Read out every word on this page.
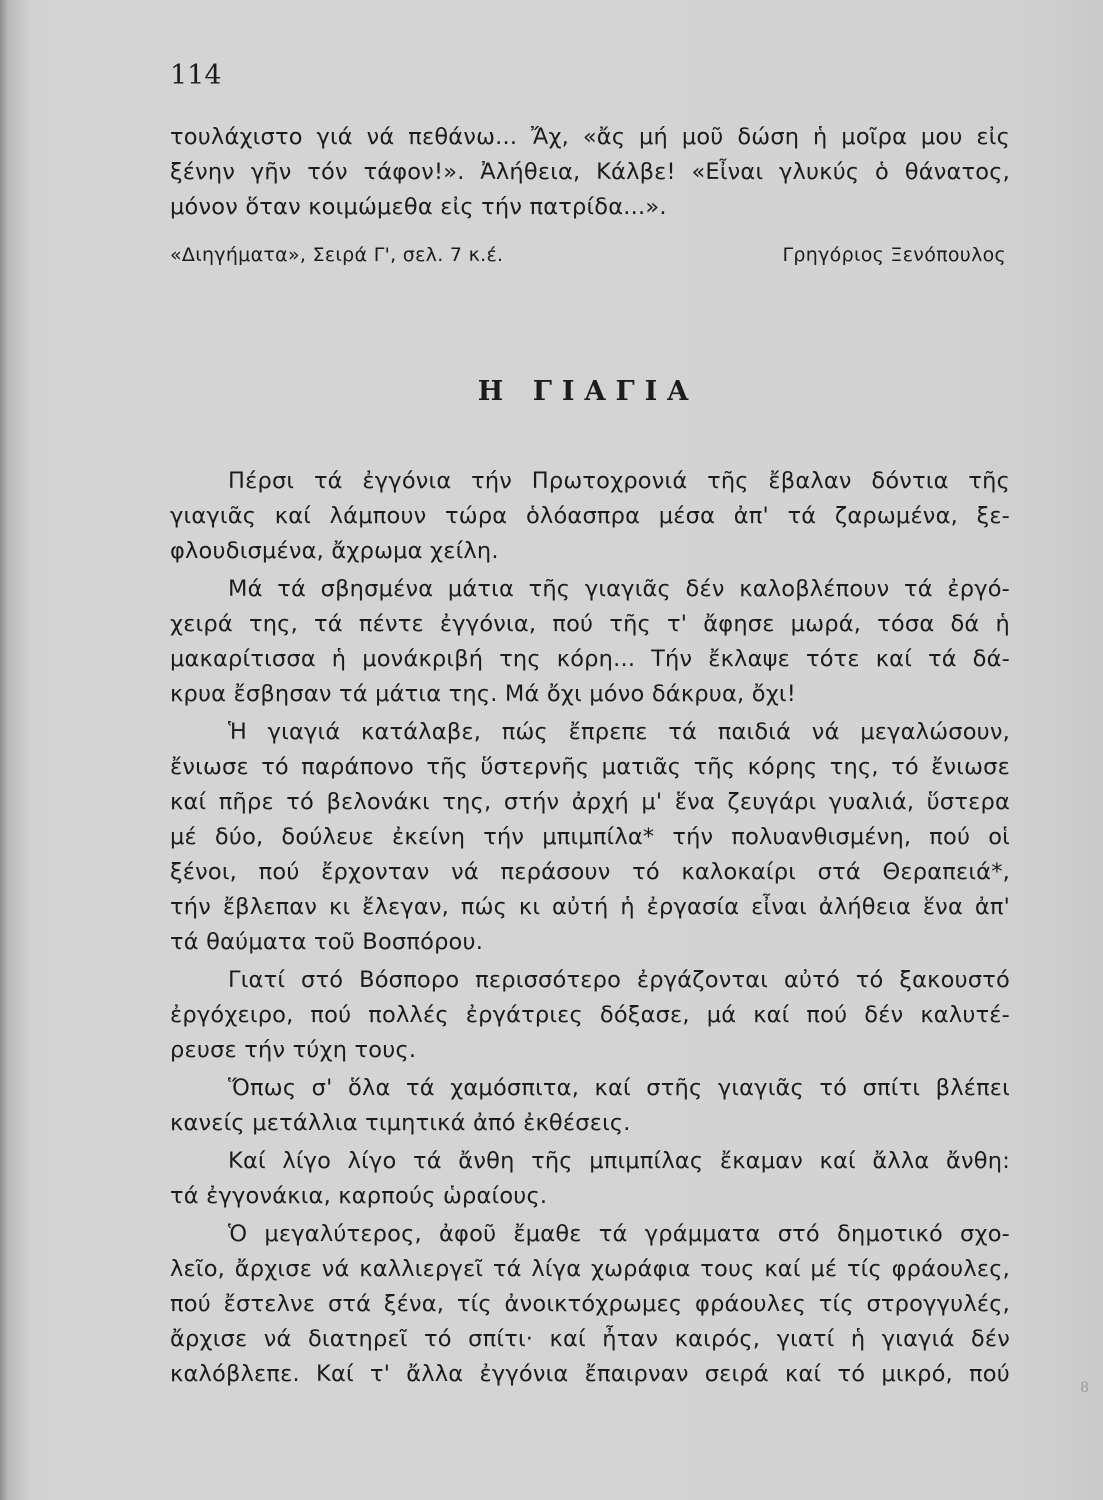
114
τουλάχιστο γιά νά πεθάνω... Ἄχ, «ἄς μή μοῦ δώση ἡ μοῖρα μου εἰς
ξένην γῆν τόν τάφον!». Ἀλήθεια, Κάλβε! «Εἶναι γλυκύς ὁ θάνατος,
μόνον ὅταν κοιμώμεθα εἰς τήν πατρίδα...».
«Διηγήματα», Σειρά Γ', σελ. 7 κ.έ.	Γρηγόριος Ξενόπουλος
Η ΓΙΑΓΙΑ
Πέρσι τά ἐγγόνια τήν Πρωτοχρονιά τῆς ἔβαλαν δόντια τῆς
γιαγιᾶς καί λάμπουν τώρα ὁλόασπρα μέσα ἀπ' τά ζαρωμένα, ξε-
φλουδισμένα, ἄχρωμα χείλη.
Μά τά σβησμένα μάτια τῆς γιαγιᾶς δέν καλοβλέπουν τά ἐργό-
χειρά της, τά πέντε ἐγγόνια, πού τῆς τ' ἄφησε μωρά, τόσα δά ἡ
μακαρίτισσα ἡ μονάκριβή της κόρη... Τήν ἔκλαψε τότε καί τά δά-
κρυα ἔσβησαν τά μάτια της. Μά ὄχι μόνο δάκρυα, ὄχι!
Ἡ γιαγιά κατάλαβε, πώς ἔπρεπε τά παιδιά νά μεγαλώσουν,
ἔνιωσε τό παράπονο τῆς ὕστερνῆς ματιᾶς τῆς κόρης της, τό ἔνιωσε
καί πῆρε τό βελονάκι της, στήν ἀρχή μ' ἕνα ζευγάρι γυαλιά, ὕστερα
μέ δύο, δούλευε ἐκείνη τήν μπιμπίλα* τήν πολυανθισμένη, πού οἱ
ξένοι, πού ἔρχονταν νά περάσουν τό καλοκαίρι στά Θεραπειά*,
τήν ἔβλεπαν κι ἔλεγαν, πώς κι αὐτή ἡ ἐργασία εἶναι ἀλήθεια ἕνα ἀπ'
τά θαύματα τοῦ Βοσπόρου.
Γιατί στό Βόσπορο περισσότερο ἐργάζονται αὐτό τό ξακουστό
ἐργόχειρο, πού πολλές ἐργάτριες δόξασε, μά καί πού δέν καλυτέ-
ρευσε τήν τύχη τους.
Ὅπως σ' ὅλα τά χαμόσπιτα, καί στῆς γιαγιᾶς τό σπίτι βλέπει
κανείς μετάλλια τιμητικά ἀπό ἐκθέσεις.
Καί λίγο λίγο τά ἄνθη τῆς μπιμπίλας ἔκαμαν καί ἄλλα ἄνθη:
τά ἐγγονάκια, καρπούς ὡραίους.
Ὁ μεγαλύτερος, ἀφοῦ ἔμαθε τά γράμματα στό δημοτικό σχο-
λεῖο, ἄρχισε νά καλλιεργεῖ τά λίγα χωράφια τους καί μέ τίς φράουλες,
πού ἔστελνε στά ξένα, τίς ἀνοικτόχρωμες φράουλες τίς στρογγυλές,
ἄρχισε νά διατηρεῖ τό σπίτι· καί ἦταν καιρός, γιατί ἡ γιαγιά δέν
καλόβλεπε. Καί τ' ἄλλα ἐγγόνια ἔπαιρναν σειρά καί τό μικρό, πού
8
